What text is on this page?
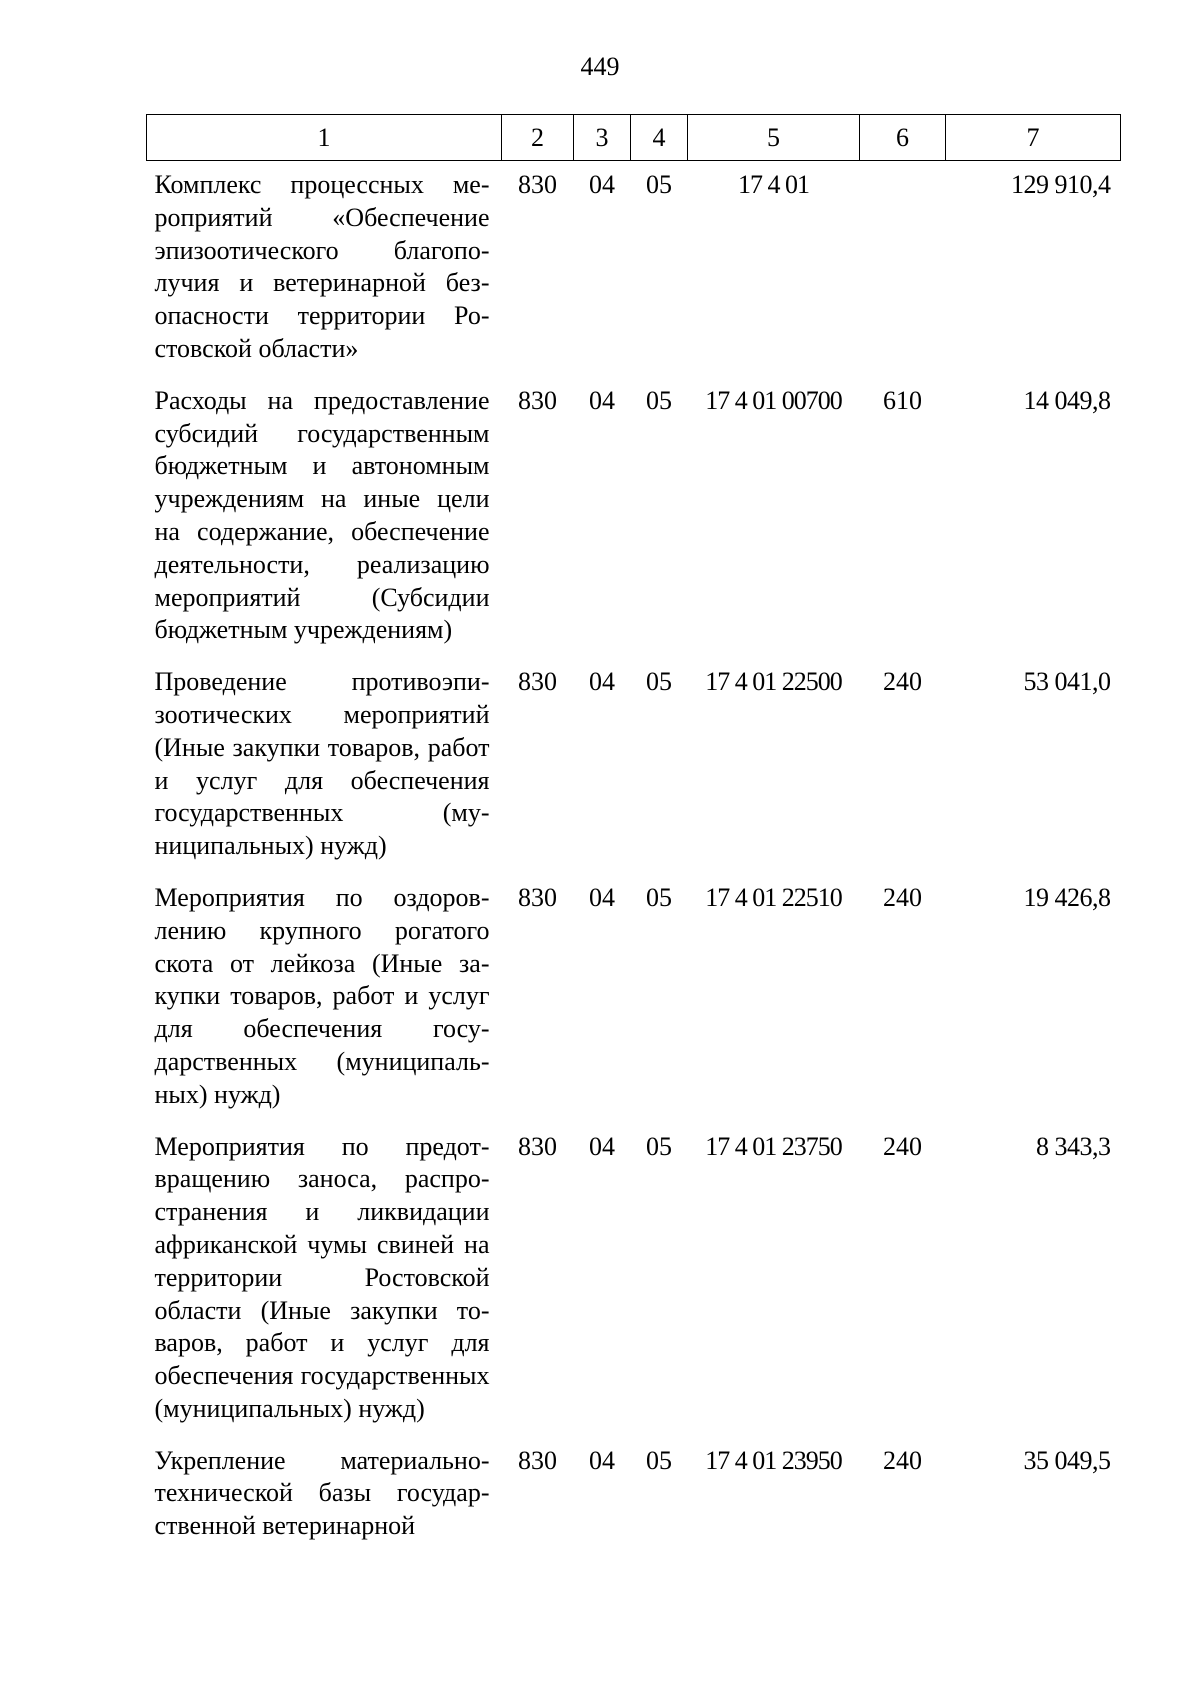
449
1	2	3	4	5	6	7
Комплекс процессных мероприятий «Обеспечение эпизоотического благополучия и ветеринарной безопасности территории Ростовской области»	830	04	05	17 4 01		129 910,4
Расходы на предоставление субсидий государственным бюджетным и автономным учреждениям на иные цели на содержание, обеспечение деятельности, реализацию мероприятий (Субсидии бюджетным учреждениям)	830	04	05	17 4 01 00700	610	14 049,8
Проведение противоэпизоотических мероприятий (Иные закупки товаров, работ и услуг для обеспечения государственных (муниципальных) нужд)	830	04	05	17 4 01 22500	240	53 041,0
Мероприятия по оздоровлению крупного рогатого скота от лейкоза (Иные закупки товаров, работ и услуг для обеспечения государственных (муниципальных) нужд)	830	04	05	17 4 01 22510	240	19 426,8
Мероприятия по предотвращению заноса, распространения и ликвидации африканской чумы свиней на территории Ростовской области (Иные закупки товаров, работ и услуг для обеспечения государственных (муниципальных) нужд)	830	04	05	17 4 01 23750	240	8 343,3
Укрепление материально-технической базы государственной ветеринарной	830	04	05	17 4 01 23950	240	35 049,5
